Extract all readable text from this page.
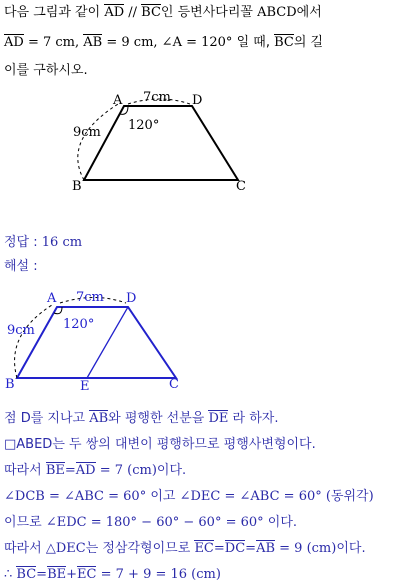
다음 그림과 같이 AD // BC인 등변사다리꼴 ABCD에서
AD = 7 cm, AB = 9 cm, ∠A = 120° 일 때, BC의 길
이를 구하시오.
A	D
B	C
7cm
9cm 120°
정답 : 16 cm
해설 :
A	D
B	E	C
7cm
9cm 120°
점 D를 지나고 AB와 평행한 선분을 DE 라 하자.
□ABED는 두 쌍의 대변이 평행하므로 평행사변형이다.
따라서 BE=AD = 7 (cm)이다.
∠DCB = ∠ABC = 60° 이고 ∠DEC = ∠ABC = 60° (동위각)
이므로 ∠EDC = 180° − 60° − 60° = 60° 이다.
따라서 △DEC는 정삼각형이므로 EC=DC=AB = 9 (cm)이다.
∴ BC=BE+EC = 7 + 9 = 16 (cm)
